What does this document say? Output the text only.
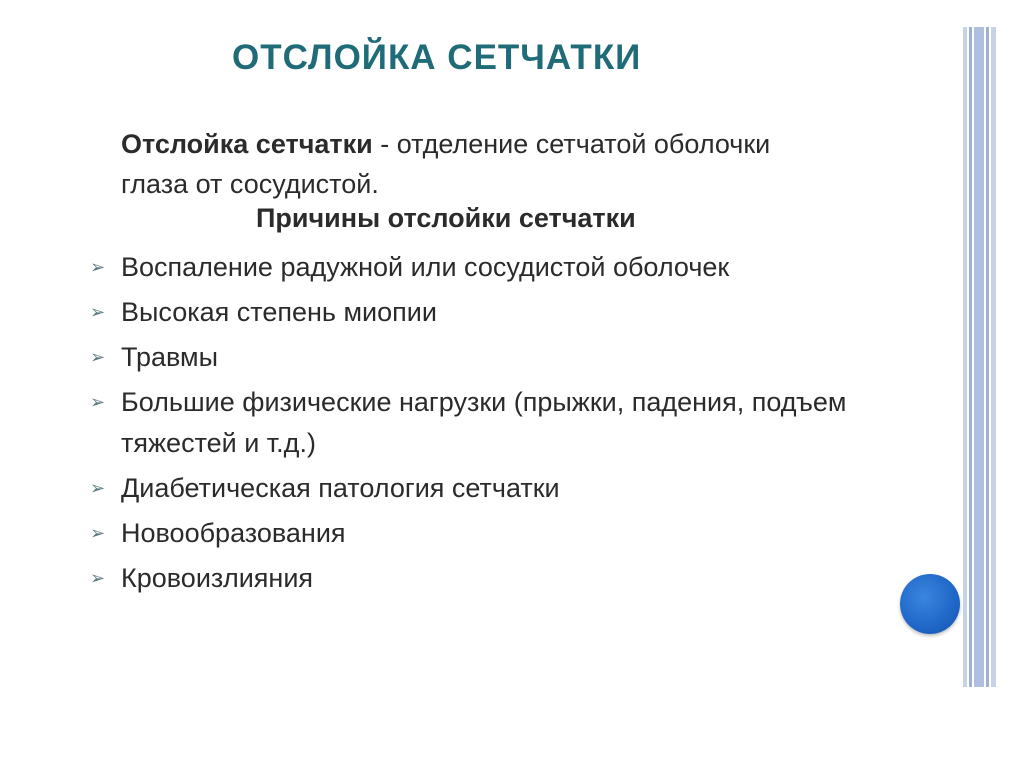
ОТСЛОЙКА СЕТЧАТКИ
Отслойка сетчатки - отделение сетчатой оболочки глаза от сосудистой.
Причины отслойки сетчатки
➢ Воспаление радужной или сосудистой оболочек
➢ Высокая степень миопии
➢ Травмы
➢ Большие физические нагрузки (прыжки, падения, подъем тяжестей и т.д.)
➢ Диабетическая патология сетчатки
➢ Новообразования
➢ Кровоизлияния
